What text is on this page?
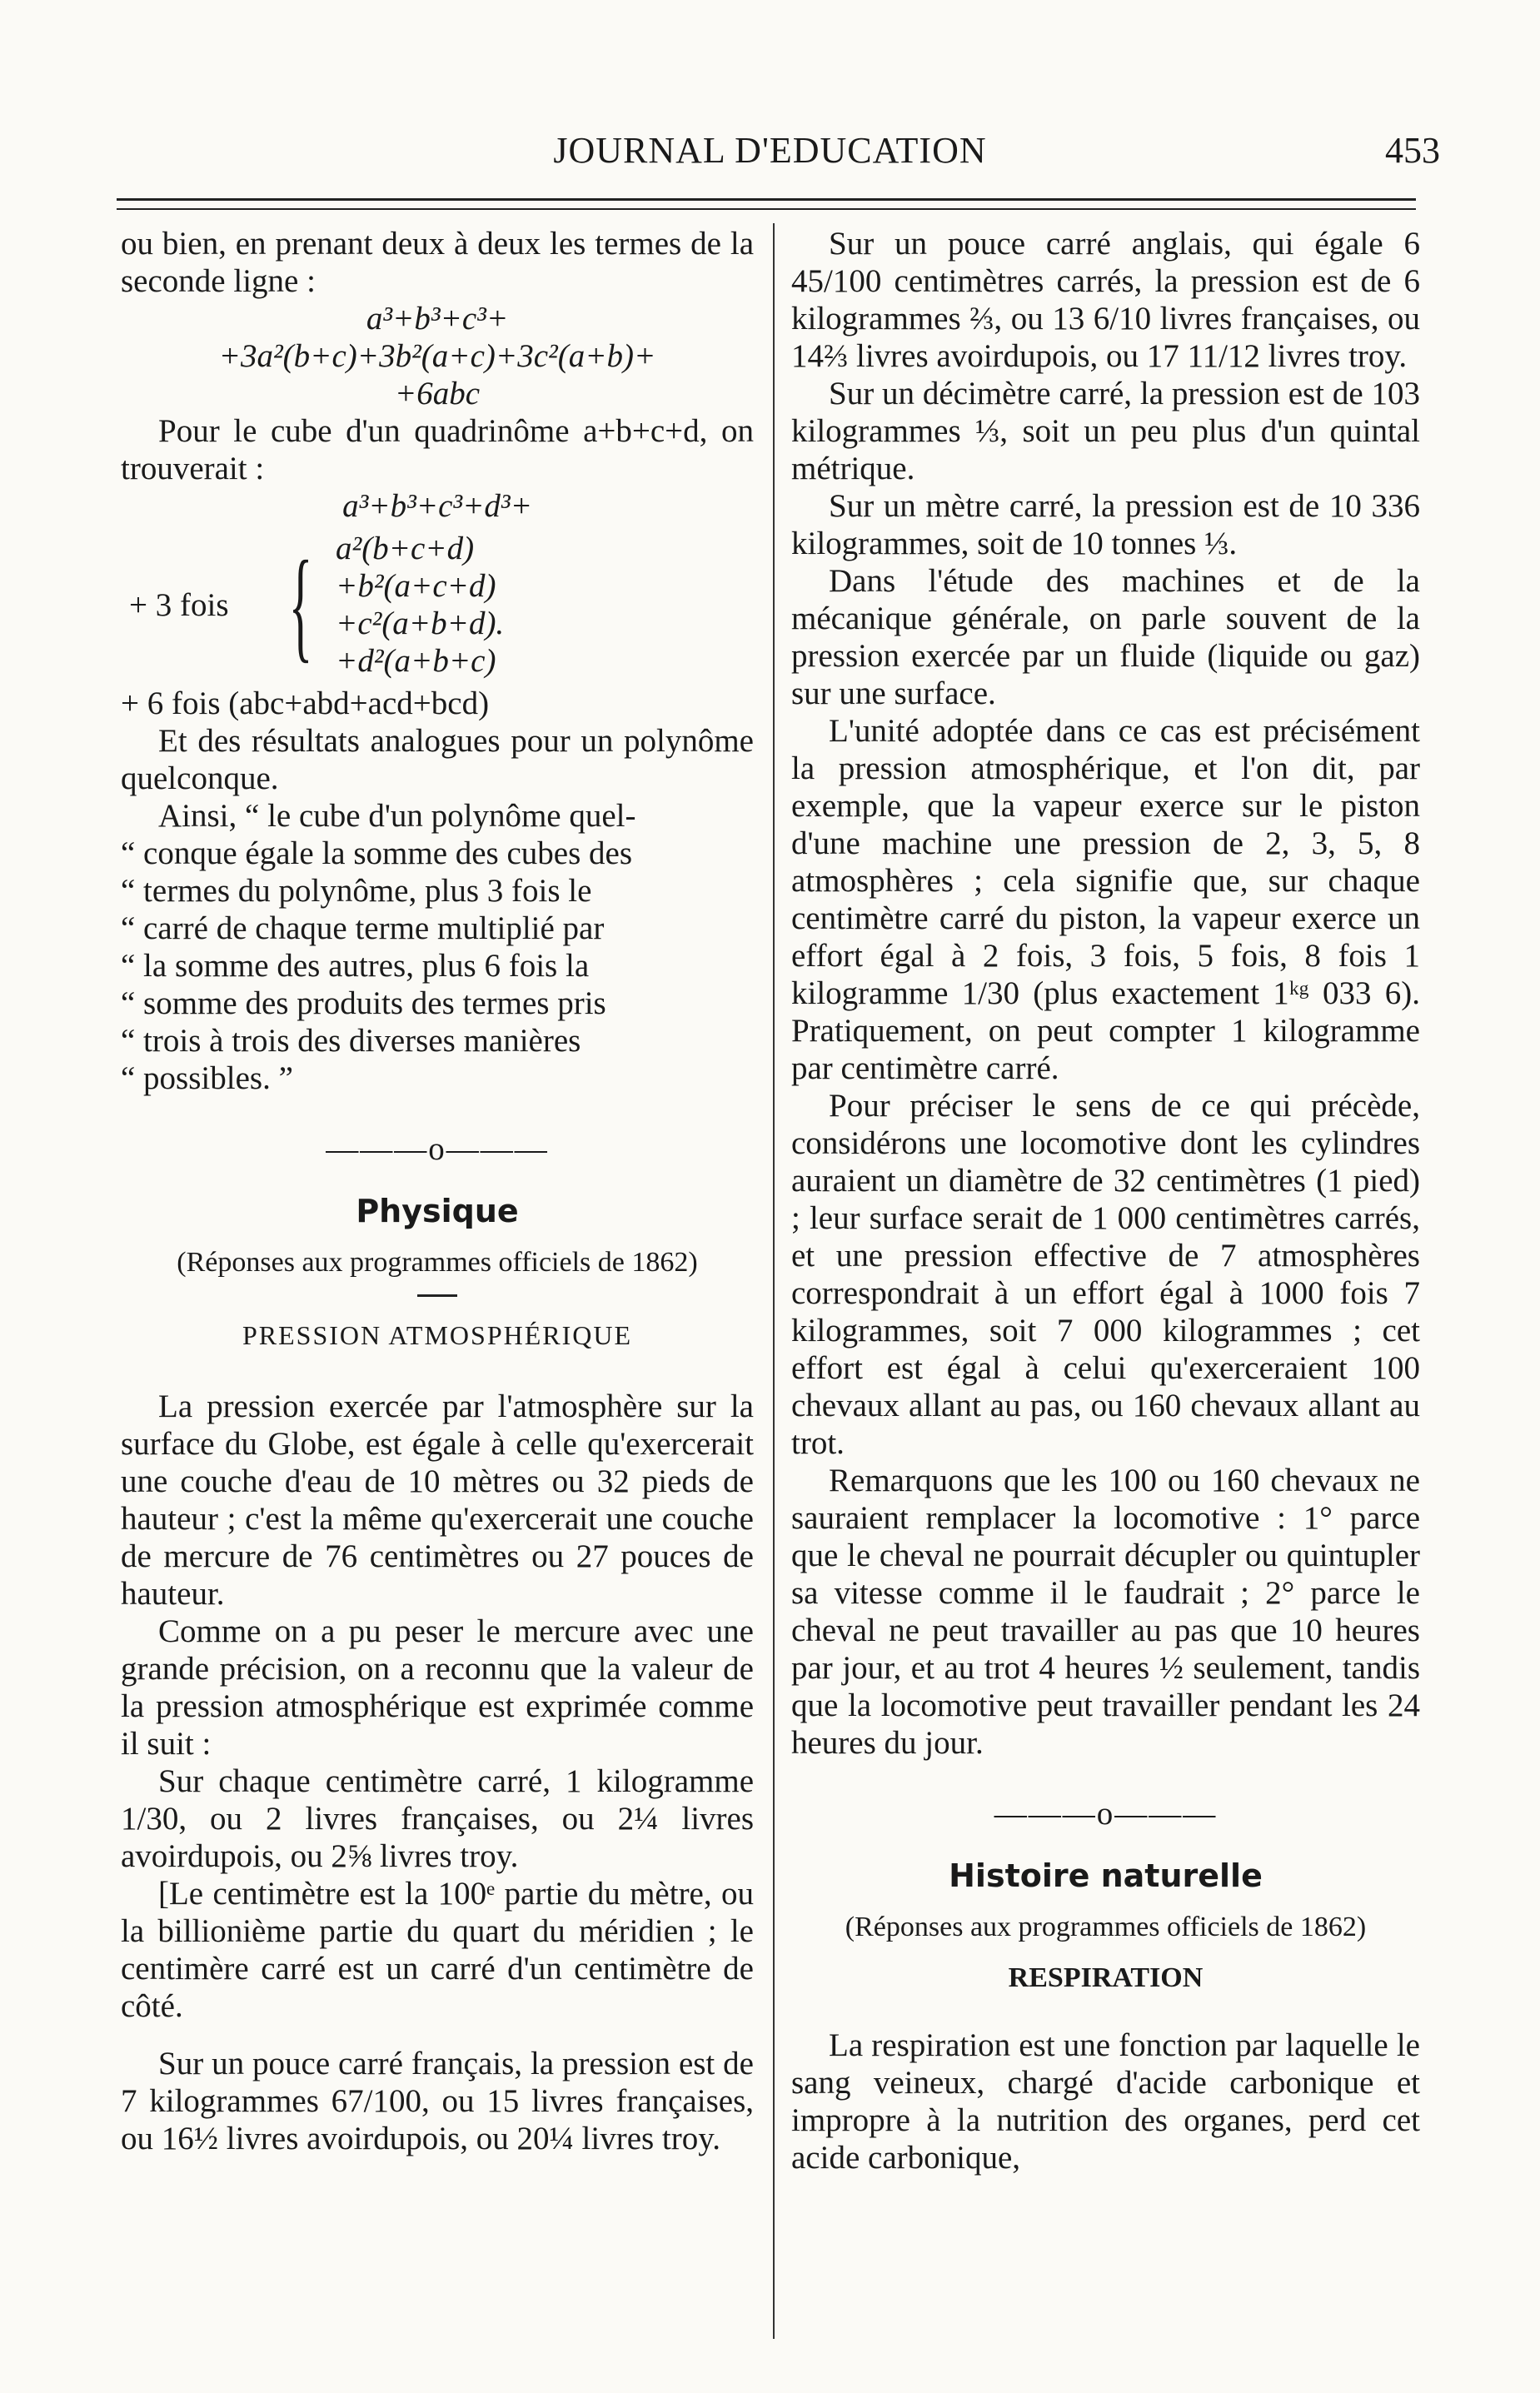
JOURNAL D'EDUCATION	453

ou bien, en prenant deux à deux les termes de la seconde ligne :

a³+b³+c³+

+3a²(b+c)+3b²(a+c)+3c²(a+b)+

+6abc

Pour le cube d'un quadrinôme a+b+c+d, on trouverait :

a³+b³+c³+d³+

+ 3 fois { a²(b+c+d)
+b²(a+c+d)
+c²(a+b+d).
+d²(a+b+c)

+ 6 fois (abc+abd+acd+bcd)

Et des résultats analogues pour un polynôme quelconque.

Ainsi, “ le cube d'un polynôme quel-

“ conque égale la somme des cubes des

“ termes du polynôme, plus 3 fois le

“ carré de chaque terme multiplié par

“ la somme des autres, plus 6 fois la

“ somme des produits des termes pris

“ trois à trois des diverses manières

“ possibles. ”

———o———
Physique
(Réponses aux programmes officiels de 1862)
PRESSION ATMOSPHÉRIQUE

La pression exercée par l'atmosphère sur la surface du Globe, est égale à celle qu'exercerait une couche d'eau de 10 mètres ou 32 pieds de hauteur ; c'est la même qu'exercerait une couche de mercure de 76 centimètres ou 27 pouces de hauteur.

Comme on a pu peser le mercure avec une grande précision, on a reconnu que la valeur de la pression atmosphérique est exprimée comme il suit :

Sur chaque centimètre carré, 1 kilogramme 1/30, ou 2 livres françaises, ou 2¼ livres avoirdupois, ou 2⅝ livres troy.

[Le centimètre est la 100ᵉ partie du mètre, ou la billionième partie du quart du méridien ; le centimère carré est un carré d'un centimètre de côté.

Sur un pouce carré français, la pression est de 7 kilogrammes 67/100, ou 15 livres françaises, ou 16½ livres avoirdupois, ou 20¼ livres troy.

Sur un pouce carré anglais, qui égale 6 45/100 centimètres carrés, la pression est de 6 kilogrammes ⅔, ou 13 6/10 livres françaises, ou 14⅔ livres avoirdupois, ou 17 11/12 livres troy.

Sur un décimètre carré, la pression est de 103 kilogrammes ⅓, soit un peu plus d'un quintal métrique.

Sur un mètre carré, la pression est de 10 336 kilogrammes, soit de 10 tonnes ⅓.

Dans l'étude des machines et de la mécanique générale, on parle souvent de la pression exercée par un fluide (liquide ou gaz) sur une surface.

L'unité adoptée dans ce cas est précisément la pression atmosphérique, et l'on dit, par exemple, que la vapeur exerce sur le piston d'une machine une pression de 2, 3, 5, 8 atmosphères ; cela signifie que, sur chaque centimètre carré du piston, la vapeur exerce un effort égal à 2 fois, 3 fois, 5 fois, 8 fois 1 kilogramme 1/30 (plus exactement 1ᵏᵍ 033 6). Pratiquement, on peut compter 1 kilogramme par centimètre carré.

Pour préciser le sens de ce qui précède, considérons une locomotive dont les cylindres auraient un diamètre de 32 centimètres (1 pied) ; leur surface serait de 1 000 centimètres carrés, et une pression effective de 7 atmosphères correspondrait à un effort égal à 1000 fois 7 kilogrammes, soit 7 000 kilogrammes ; cet effort est égal à celui qu'exerceraient 100 chevaux allant au pas, ou 160 chevaux allant au trot.

Remarquons que les 100 ou 160 chevaux ne sauraient remplacer la locomotive : 1° parce que le cheval ne pourrait décupler ou quintupler sa vitesse comme il le faudrait ; 2° parce le cheval ne peut travailler au pas que 10 heures par jour, et au trot 4 heures ½ seulement, tandis que la locomotive peut travailler pendant les 24 heures du jour.

———o———
Histoire naturelle
(Réponses aux programmes officiels de 1862)
RESPIRATION

La respiration est une fonction par laquelle le sang veineux, chargé d'acide carbonique et impropre à la nutrition des organes, perd cet acide carbonique,
